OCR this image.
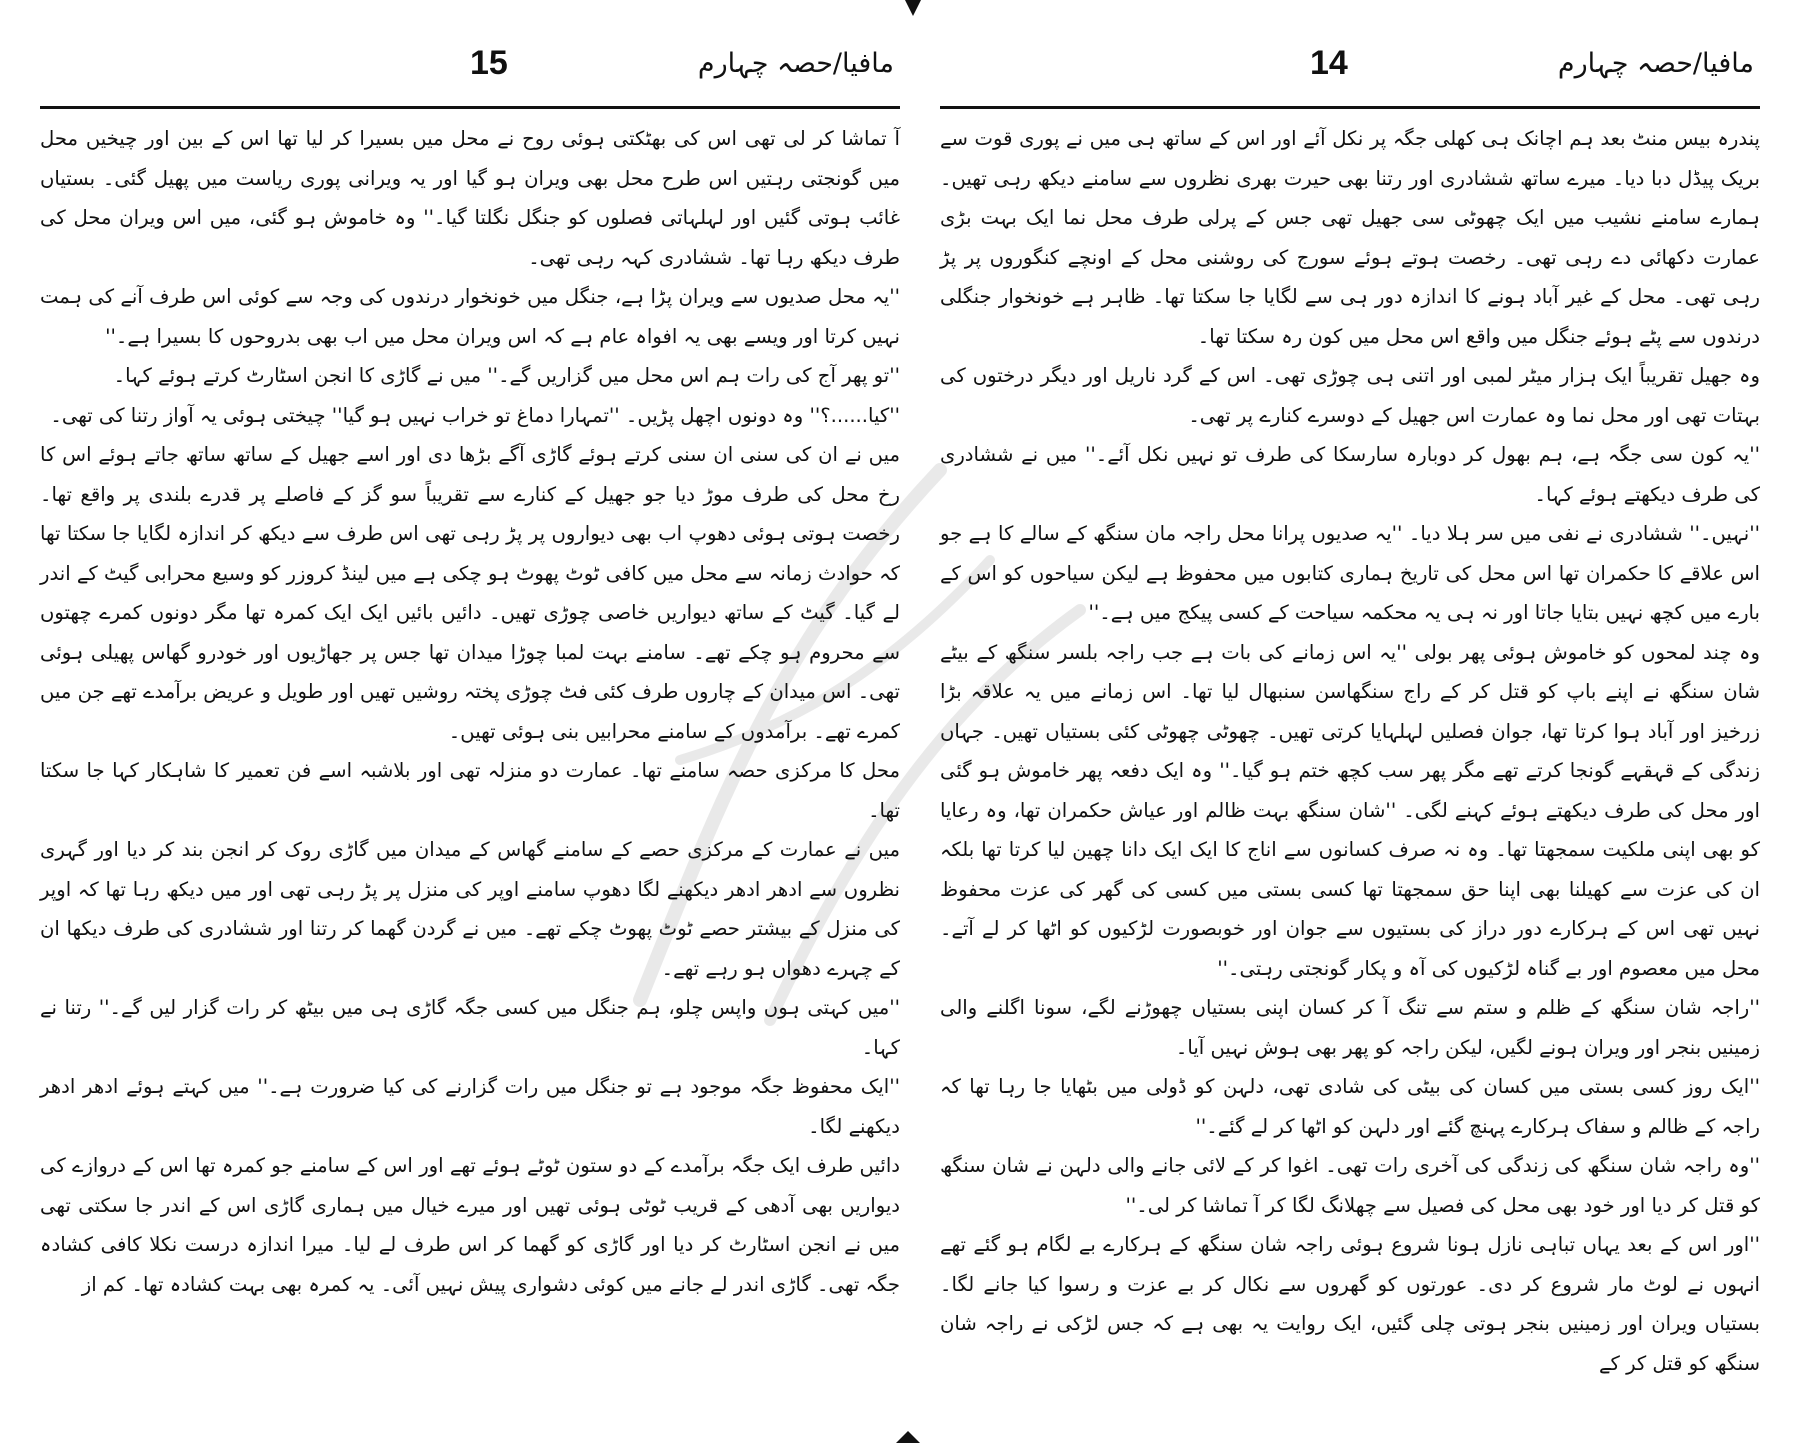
15	مافیا/حصہ چہارم

آ تماشا کر لی تھی اس کی بھٹکتی ہوئی روح نے محل میں بسیرا کر لیا تھا اس کے بین اور چیخیں محل میں گونجتی رہتیں اس طرح محل بھی ویران ہو گیا اور یہ ویرانی پوری ریاست میں پھیل گئی۔ بستیاں غائب ہوتی گئیں اور لہلہاتی فصلوں کو جنگل نگلتا گیا۔'' وہ خاموش ہو گئی، میں اس ویران محل کی طرف دیکھ رہا تھا۔ ششادری کہہ رہی تھی۔

''یہ محل صدیوں سے ویران پڑا ہے، جنگل میں خونخوار درندوں کی وجہ سے کوئی اس طرف آنے کی ہمت نہیں کرتا اور ویسے بھی یہ افواہ عام ہے کہ اس ویران محل میں اب بھی بدروحوں کا بسیرا ہے۔''

''تو پھر آج کی رات ہم اس محل میں گزاریں گے۔'' میں نے گاڑی کا انجن اسٹارٹ کرتے ہوئے کہا۔

''کیا......؟'' وہ دونوں اچھل پڑیں۔ ''تمہارا دماغ تو خراب نہیں ہو گیا'' چیختی ہوئی یہ آواز رتنا کی تھی۔

میں نے ان کی سنی ان سنی کرتے ہوئے گاڑی آگے بڑھا دی اور اسے جھیل کے ساتھ ساتھ جاتے ہوئے اس کا رخ محل کی طرف موڑ دیا جو جھیل کے کنارے سے تقریباً سو گز کے فاصلے پر قدرے بلندی پر واقع تھا۔ رخصت ہوتی ہوئی دھوپ اب بھی دیواروں پر پڑ رہی تھی اس طرف سے دیکھ کر اندازہ لگایا جا سکتا تھا کہ حوادث زمانہ سے محل میں کافی ٹوٹ پھوٹ ہو چکی ہے میں لینڈ کروزر کو وسیع محرابی گیٹ کے اندر لے گیا۔ گیٹ کے ساتھ دیواریں خاصی چوڑی تھیں۔ دائیں بائیں ایک ایک کمرہ تھا مگر دونوں کمرے چھتوں سے محروم ہو چکے تھے۔ سامنے بہت لمبا چوڑا میدان تھا جس پر جھاڑیوں اور خودرو گھاس پھیلی ہوئی تھی۔ اس میدان کے چاروں طرف کئی فٹ چوڑی پختہ روشیں تھیں اور طویل و عریض برآمدے تھے جن میں کمرے تھے۔ برآمدوں کے سامنے محرابیں بنی ہوئی تھیں۔

محل کا مرکزی حصہ سامنے تھا۔ عمارت دو منزلہ تھی اور بلاشبہ اسے فن تعمیر کا شاہکار کہا جا سکتا تھا۔

میں نے عمارت کے مرکزی حصے کے سامنے گھاس کے میدان میں گاڑی روک کر انجن بند کر دیا اور گہری نظروں سے ادھر ادھر دیکھنے لگا دھوپ سامنے اوپر کی منزل پر پڑ رہی تھی اور میں دیکھ رہا تھا کہ اوپر کی منزل کے بیشتر حصے ٹوٹ پھوٹ چکے تھے۔ میں نے گردن گھما کر رتنا اور ششادری کی طرف دیکھا ان کے چہرے دھواں ہو رہے تھے۔

''میں کہتی ہوں واپس چلو، ہم جنگل میں کسی جگہ گاڑی ہی میں بیٹھ کر رات گزار لیں گے۔'' رتنا نے کہا۔

''ایک محفوظ جگہ موجود ہے تو جنگل میں رات گزارنے کی کیا ضرورت ہے۔'' میں کہتے ہوئے ادھر ادھر دیکھنے لگا۔

دائیں طرف ایک جگہ برآمدے کے دو ستون ٹوٹے ہوئے تھے اور اس کے سامنے جو کمرہ تھا اس کے دروازے کی دیواریں بھی آدھی کے قریب ٹوٹی ہوئی تھیں اور میرے خیال میں ہماری گاڑی اس کے اندر جا سکتی تھی میں نے انجن اسٹارٹ کر دیا اور گاڑی کو گھما کر اس طرف لے لیا۔ میرا اندازہ درست نکلا کافی کشادہ جگہ تھی۔ گاڑی اندر لے جانے میں کوئی دشواری پیش نہیں آئی۔ یہ کمرہ بھی بہت کشادہ تھا۔ کم از

14	مافیا/حصہ چہارم

پندرہ بیس منٹ بعد ہم اچانک ہی کھلی جگہ پر نکل آئے اور اس کے ساتھ ہی میں نے پوری قوت سے بریک پیڈل دبا دیا۔ میرے ساتھ ششادری اور رتنا بھی حیرت بھری نظروں سے سامنے دیکھ رہی تھیں۔ ہمارے سامنے نشیب میں ایک چھوٹی سی جھیل تھی جس کے پرلی طرف محل نما ایک بہت بڑی عمارت دکھائی دے رہی تھی۔ رخصت ہوتے ہوئے سورج کی روشنی محل کے اونچے کنگوروں پر پڑ رہی تھی۔ محل کے غیر آباد ہونے کا اندازہ دور ہی سے لگایا جا سکتا تھا۔ ظاہر ہے خونخوار جنگلی درندوں سے پٹے ہوئے جنگل میں واقع اس محل میں کون رہ سکتا تھا۔

وہ جھیل تقریباً ایک ہزار میٹر لمبی اور اتنی ہی چوڑی تھی۔ اس کے گرد ناریل اور دیگر درختوں کی بہتات تھی اور محل نما وہ عمارت اس جھیل کے دوسرے کنارے پر تھی۔

''یہ کون سی جگہ ہے، ہم بھول کر دوبارہ سارسکا کی طرف تو نہیں نکل آئے۔'' میں نے ششادری کی طرف دیکھتے ہوئے کہا۔

''نہیں۔'' ششادری نے نفی میں سر ہلا دیا۔ ''یہ صدیوں پرانا محل راجہ مان سنگھ کے سالے کا ہے جو اس علاقے کا حکمران تھا اس محل کی تاریخ ہماری کتابوں میں محفوظ ہے لیکن سیاحوں کو اس کے بارے میں کچھ نہیں بتایا جاتا اور نہ ہی یہ محکمہ سیاحت کے کسی پیکج میں ہے۔''

وہ چند لمحوں کو خاموش ہوئی پھر بولی ''یہ اس زمانے کی بات ہے جب راجہ بلسر سنگھ کے بیٹے شان سنگھ نے اپنے باپ کو قتل کر کے راج سنگھاسن سنبھال لیا تھا۔ اس زمانے میں یہ علاقہ بڑا زرخیز اور آباد ہوا کرتا تھا، جوان فصلیں لہلہایا کرتی تھیں۔ چھوٹی چھوٹی کئی بستیاں تھیں۔ جہاں زندگی کے قہقہے گونجا کرتے تھے مگر پھر سب کچھ ختم ہو گیا۔'' وہ ایک دفعہ پھر خاموش ہو گئی اور محل کی طرف دیکھتے ہوئے کہنے لگی۔ ''شان سنگھ بہت ظالم اور عیاش حکمران تھا، وہ رعایا کو بھی اپنی ملکیت سمجھتا تھا۔ وہ نہ صرف کسانوں سے اناج کا ایک ایک دانا چھین لیا کرتا تھا بلکہ ان کی عزت سے کھیلنا بھی اپنا حق سمجھتا تھا کسی بستی میں کسی کی گھر کی عزت محفوظ نہیں تھی اس کے ہرکارے دور دراز کی بستیوں سے جوان اور خوبصورت لڑکیوں کو اٹھا کر لے آتے۔ محل میں معصوم اور بے گناہ لڑکیوں کی آہ و پکار گونجتی رہتی۔''

''راجہ شان سنگھ کے ظلم و ستم سے تنگ آ کر کسان اپنی بستیاں چھوڑنے لگے، سونا اگلنے والی زمینیں بنجر اور ویران ہونے لگیں، لیکن راجہ کو پھر بھی ہوش نہیں آیا۔

''ایک روز کسی بستی میں کسان کی بیٹی کی شادی تھی، دلہن کو ڈولی میں بٹھایا جا رہا تھا کہ راجہ کے ظالم و سفاک ہرکارے پہنچ گئے اور دلہن کو اٹھا کر لے گئے۔''

''وہ راجہ شان سنگھ کی زندگی کی آخری رات تھی۔ اغوا کر کے لائی جانے والی دلہن نے شان سنگھ کو قتل کر دیا اور خود بھی محل کی فصیل سے چھلانگ لگا کر آ تماشا کر لی۔''

''اور اس کے بعد یہاں تباہی نازل ہونا شروع ہوئی راجہ شان سنگھ کے ہرکارے بے لگام ہو گئے تھے انہوں نے لوٹ مار شروع کر دی۔ عورتوں کو گھروں سے نکال کر بے عزت و رسوا کیا جانے لگا۔ بستیاں ویران اور زمینیں بنجر ہوتی چلی گئیں، ایک روایت یہ بھی ہے کہ جس لڑکی نے راجہ شان سنگھ کو قتل کر کے
